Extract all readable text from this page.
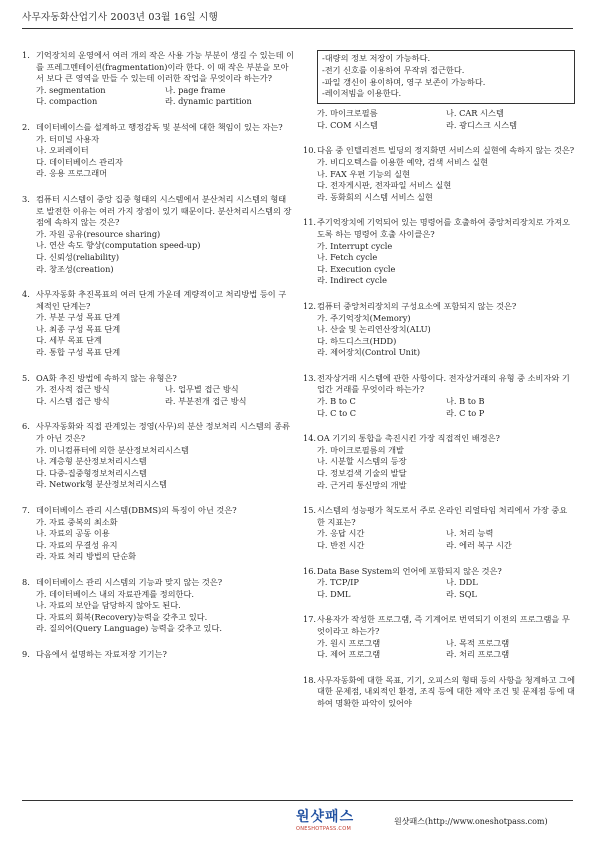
사무자동화산업기사 2003년 03월 16일 시행
1. 기억장치의 운영에서 여러 개의 작은 사용 가능 부분이 생길 수 있는데 이를 프레그멘테이션(fragmentation)이라 한다. 이 때 작은 부분을 모아서 보다 큰 영역을 만들 수 있는데 이러한 작업을 무엇이라 하는가?
가. segmentation	나. page frame
다. compaction	라. dynamic partition
2. 데이터베이스를 설계하고 행정감독 및 분석에 대한 책임이 있는 자는?
가. 터미널 사용자
나. 오퍼레이터
다. 데이터베이스 관리자
라. 응용 프로그래머
3. 컴퓨터 시스템이 중앙 집중 형태의 시스템에서 분산처리 시스템의 형태로 발전한 이유는 여러 가지 장점이 있기 때문이다. 분산처리시스템의 장점에 속하지 않는 것은?
가. 자원 공유(resource sharing)
나. 연산 속도 향상(computation speed-up)
다. 신뢰성(reliability)
라. 창조성(creation)
4. 사무자동화 추진목표의 여러 단계 가운데 계량적이고 처리방법 등이 구체적인 단계는?
가. 부분 구성 목표 단계
나. 최종 구성 목표 단계
다. 세부 목표 단계
라. 통합 구성 목표 단계
5. OA화 추진 방법에 속하지 않는 유형은?
가. 전사적 접근 방식	나. 업무별 접근 방식
다. 시스템 접근 방식	라. 부분전개 접근 방식
6. 사무자동화와 직접 관계있는 정영(사무)의 분산 정보처리 시스템의 종류가 아닌 것은?
가. 미니컴퓨터에 의한 분산정보처리시스템
나. 계층형 분산정보처리시스템
다. 다중-집중형정보처리시스템
라. Network형 분산정보처리시스템
7. 데이터베이스 관리 시스템(DBMS)의 특징이 아닌 것은?
가. 자료 중복의 최소화
나. 자료의 공동 이용
다. 자료의 무결성 유지
라. 자료 처리 방법의 단순화
8. 데이터베이스 관리 시스템의 기능과 맞지 않는 것은?
가. 데이터베이스 내의 자료관계를 정의한다.
나. 자료의 보안을 담당하지 않아도 된다.
다. 자료의 회복(Recovery)능력을 갖추고 있다.
라. 질의어(Query Language) 능력을 갖추고 있다.
9. 다음에서 설명하는 자료저장 기기는?
-대량의 정보 저장이 가능하다.
-전기 신호를 이용하여 무작위 접근한다.
-파일 갱신이 용이하며, 영구 보존이 가능하다.
-레이저빔을 이용한다.
가. 마이크로필름	나. CAR 시스템
다. COM 시스템	라. 광디스크 시스템
10. 다음 중 인텔리전트 빌딩의 정지화면 서비스의 실현에 속하지 않는 것은?
가. 비디오텍스를 이용한 예약, 검색 서비스 실현
나. FAX 우편 기능의 실현
다. 전자게시판, 전자파일 서비스 실현
라. 동화회의 시스템 서비스 실현
11. 주기억장치에 기억되어 있는 명령어를 호출하여 중앙처리장치로 가져오도록 하는 명령어 호출 사이클은?
가. Interrupt cycle
나. Fetch cycle
다. Execution cycle
라. Indirect cycle
12. 컴퓨터 중앙처리장치의 구성요소에 포함되지 않는 것은?
가. 주기억장치(Memory)
나. 산술 및 논리연산장치(ALU)
다. 하드디스크(HDD)
라. 제어장치(Control Unit)
13. 전자상거래 시스템에 관한 사항이다. 전자상거래의 유형 중 소비자와 기업간 거래를 무엇이라 하는가?
가. B to C	나. B to B
다. C to C	라. C to P
14. OA 기기의 통합을 촉진시킨 가장 직접적인 배경은?
가. 마이크로필름의 개발
나. 시분할 시스템의 등장
다. 정보검색 기술의 발달
라. 근거리 통신망의 개발
15. 시스템의 성능평가 척도로서 주로 온라인 리얼타임 처리에서 가장 중요한 지표는?
가. 응답 시간	나. 처리 능력
다. 반전 시간	라. 에러 복구 시간
16. Data Base System의 언어에 포함되지 않은 것은?
가. TCP/IP	나. DDL
다. DML	라. SQL
17. 사용자가 작성한 프로그램, 즉 기계어로 번역되기 이전의 프로그램을 무엇이라고 하는가?
가. 원시 프로그램	나. 목적 프로그램
다. 제어 프로그램	라. 처리 프로그램
18. 사무자동화에 대한 목표, 기기, 오피스의 형태 등의 사항을 청계하고 그에 대한 문제점, 내외적인 환경, 조직 등에 대한 제약 조건 및 문제점 등에 대하여 명확한 파악이 있어야
원샷패스
ONESHOTPASS.COM
원샷패스(http://www.oneshotpass.com)
